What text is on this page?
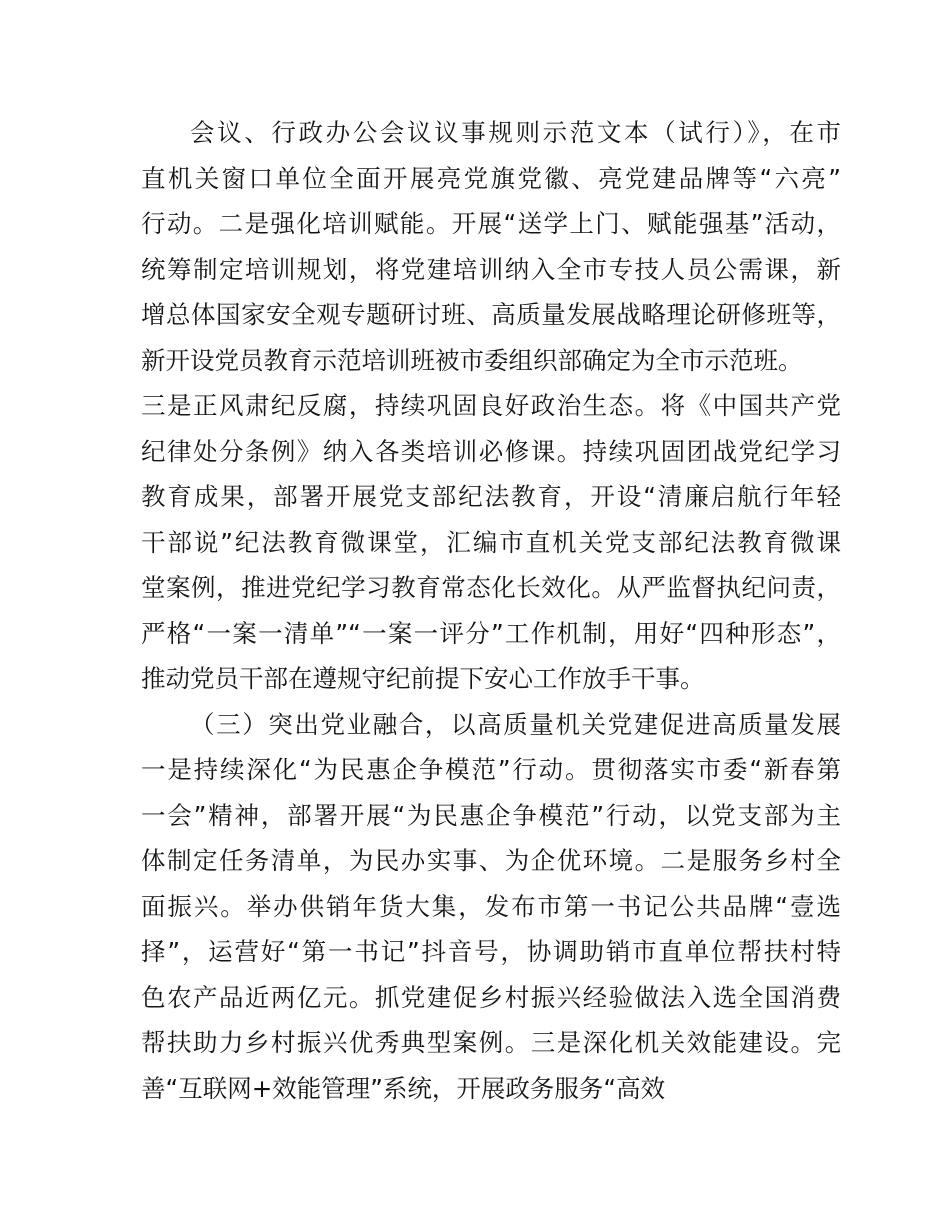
会议、行政办公会议议事规则示范文本（试行）》，在市
直机关窗口单位全面开展亮党旗党徽、亮党建品牌等“六亮”
行动。二是强化培训赋能。开展“送学上门、赋能强基”活动，
统筹制定培训规划，将党建培训纳入全市专技人员公需课，新
增总体国家安全观专题研讨班、高质量发展战略理论研修班等，
新开设党员教育示范培训班被市委组织部确定为全市示范班。
三是正风肃纪反腐，持续巩固良好政治生态。将《中国共产党
纪律处分条例》纳入各类培训必修课。持续巩固团战党纪学习
教育成果，部署开展党支部纪法教育，开设“清廉启航行年轻
干部说”纪法教育微课堂，汇编市直机关党支部纪法教育微课
堂案例，推进党纪学习教育常态化长效化。从严监督执纪问责，
严格“一案一清单”“一案一评分”工作机制，用好“四种形态”，
推动党员干部在遵规守纪前提下安心工作放手干事。
（三）突出党业融合，以高质量机关党建促进高质量发展
一是持续深化“为民惠企争模范”行动。贯彻落实市委“新春第
一会”精神，部署开展“为民惠企争模范”行动，以党支部为主
体制定任务清单，为民办实事、为企优环境。二是服务乡村全
面振兴。举办供销年货大集，发布市第一书记公共品牌“壹选
择”，运营好“第一书记”抖音号，协调助销市直单位帮扶村特
色农产品近两亿元。抓党建促乡村振兴经验做法入选全国消费
帮扶助力乡村振兴优秀典型案例。三是深化机关效能建设。完
善“互联网+效能管理”系统，开展政务服务“高效
